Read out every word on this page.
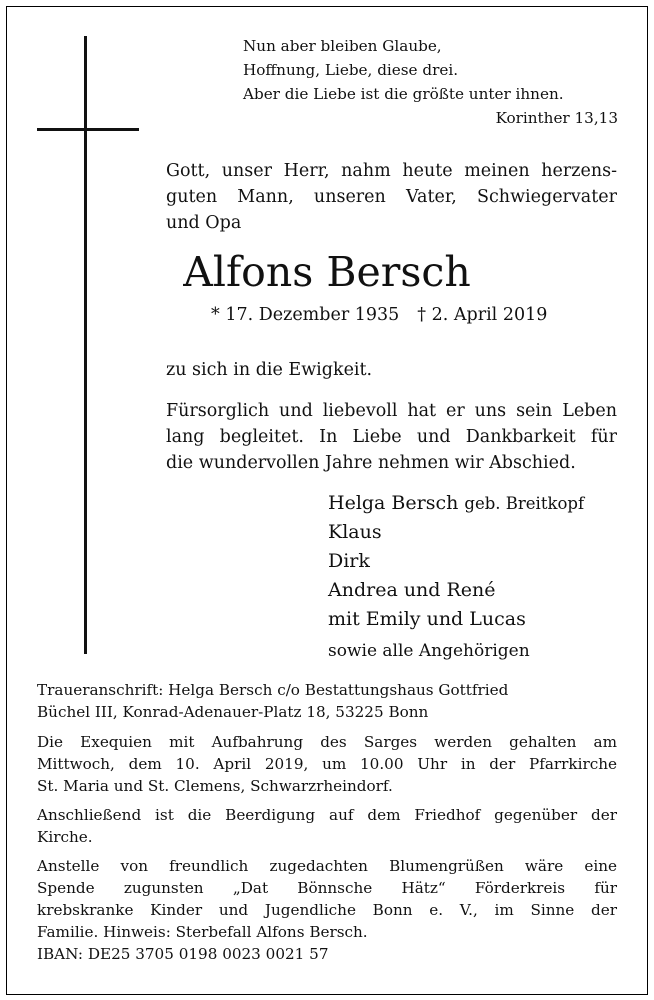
Nun aber bleiben Glaube,
Hoffnung, Liebe, diese drei.
Aber die Liebe ist die größte unter ihnen.
Korinther 13,13
Gott, unser Herr, nahm heute meinen herzens-
guten Mann, unseren Vater, Schwiegervater
und Opa
Alfons Bersch
* 17. Dezember 1935 † 2. April 2019
zu sich in die Ewigkeit.
Fürsorglich und liebevoll hat er uns sein Leben
lang begleitet. In Liebe und Dankbarkeit für
die wundervollen Jahre nehmen wir Abschied.
Helga Bersch geb. Breitkopf
Klaus
Dirk
Andrea und René
mit Emily und Lucas
sowie alle Angehörigen
Traueranschrift: Helga Bersch c/o Bestattungshaus Gottfried
Büchel III, Konrad-Adenauer-Platz 18, 53225 Bonn
Die Exequien mit Aufbahrung des Sarges werden gehalten am
Mittwoch, dem 10. April 2019, um 10.00 Uhr in der Pfarrkirche
St. Maria und St. Clemens, Schwarzrheindorf.
Anschließend ist die Beerdigung auf dem Friedhof gegenüber der
Kirche.
Anstelle von freundlich zugedachten Blumengrüßen wäre eine
Spende zugunsten „Dat Bönnsche Hätz“ Förderkreis für
krebskranke Kinder und Jugendliche Bonn e. V., im Sinne der
Familie. Hinweis: Sterbefall Alfons Bersch.
IBAN: DE25 3705 0198 0023 0021 57
